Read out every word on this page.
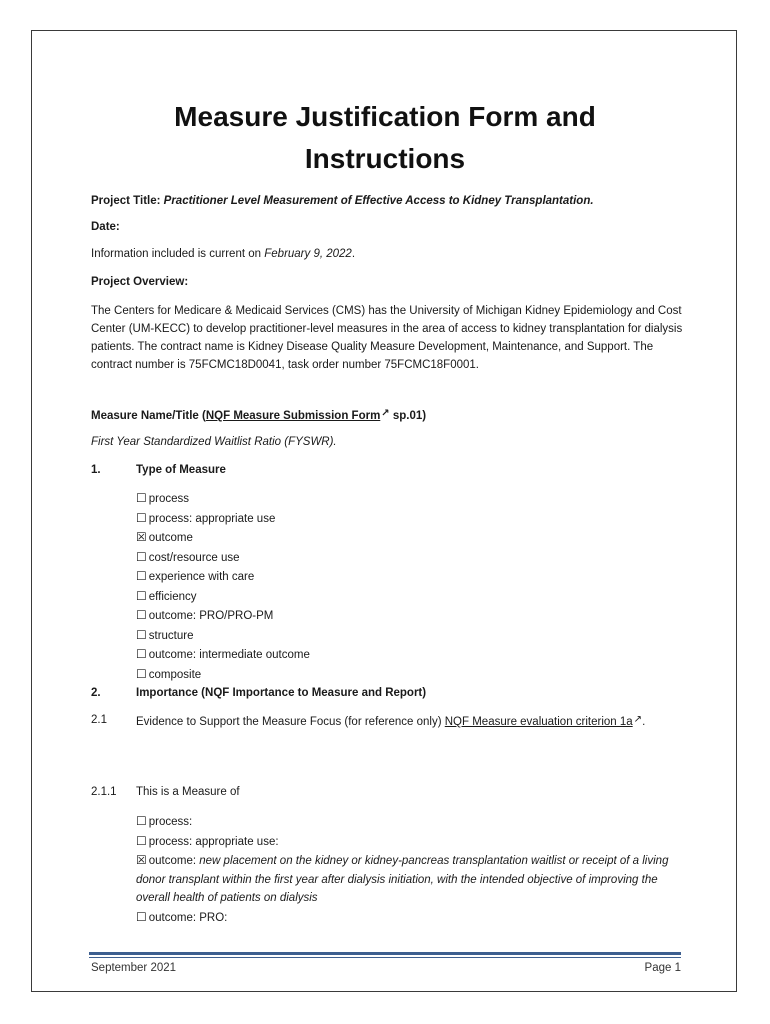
Measure Justification Form and
Instructions
Project Title: Practitioner Level Measurement of Effective Access to Kidney Transplantation.
Date:
Information included is current on February 9, 2022.
Project Overview:
The Centers for Medicare & Medicaid Services (CMS) has the University of Michigan Kidney Epidemiology and Cost Center (UM-KECC) to develop practitioner-level measures in the area of access to kidney transplantation for dialysis patients. The contract name is Kidney Disease Quality Measure Development, Maintenance, and Support. The contract number is 75FCMC18D0041, task order number 75FCMC18F0001.
Measure Name/Title (NQF Measure Submission Form↗ sp.01)
First Year Standardized Waitlist Ratio (FYSWR).
1.	Type of Measure
☐ process
☐ process: appropriate use
☒ outcome
☐ cost/resource use
☐ experience with care
☐ efficiency
☐ outcome: PRO/PRO-PM
☐ structure
☐ outcome: intermediate outcome
☐ composite
2.	Importance (NQF Importance to Measure and Report)
2.1	Evidence to Support the Measure Focus (for reference only) NQF Measure evaluation criterion 1a↗.
2.1.1 This is a Measure of
☐ process:
☐ process: appropriate use:
☒ outcome: new placement on the kidney or kidney-pancreas transplantation waitlist or receipt of a living donor transplant within the first year after dialysis initiation, with the intended objective of improving the overall health of patients on dialysis
☐ outcome: PRO:
September 2021	Page 1
